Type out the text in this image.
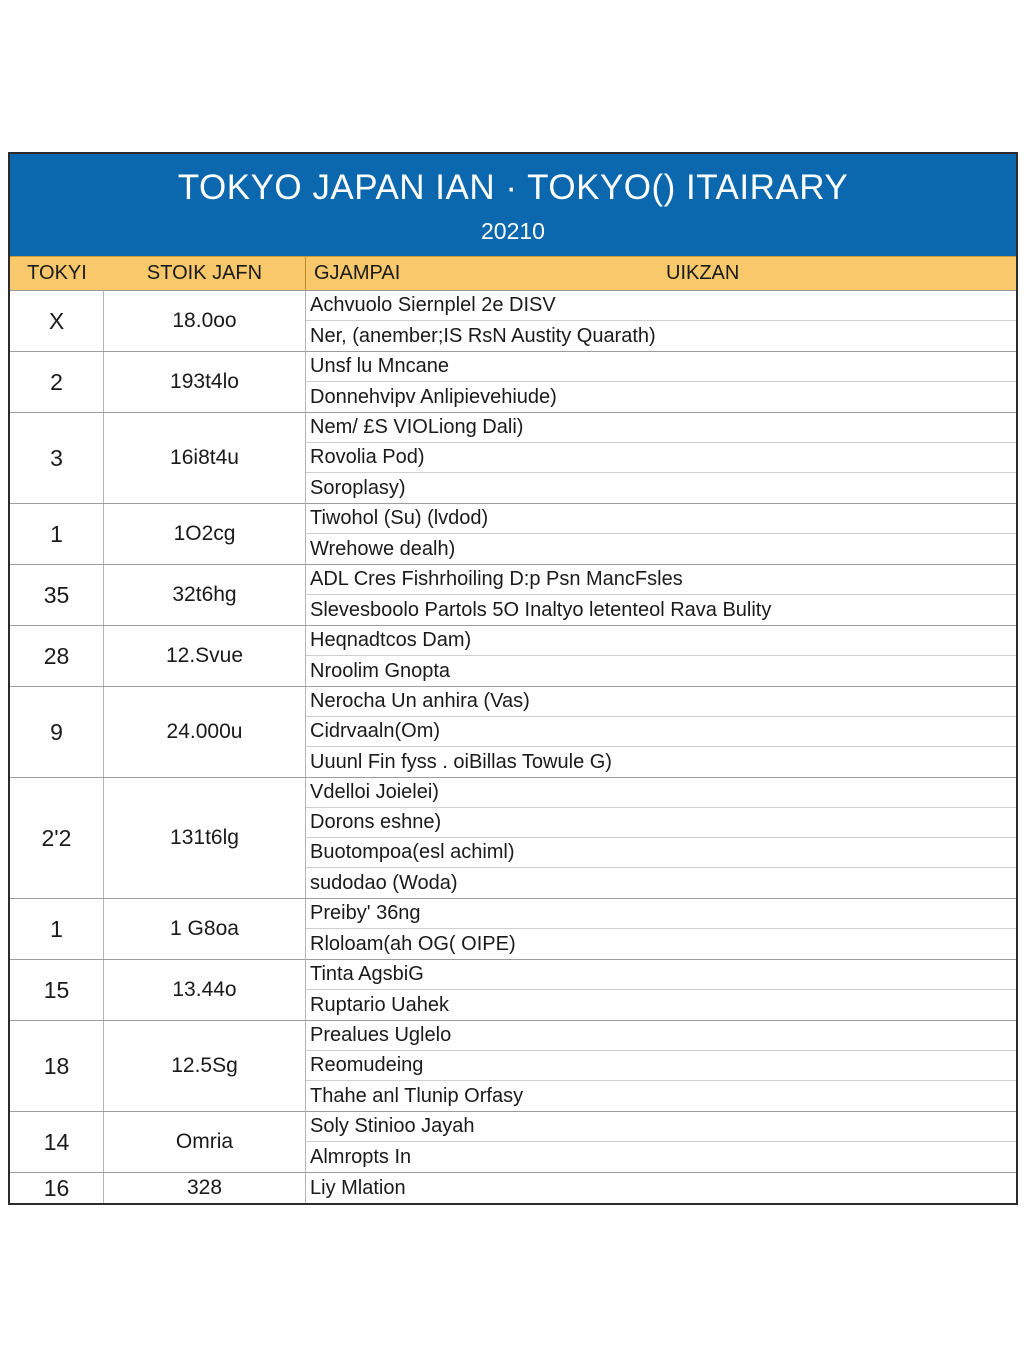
TOKYO JAPAN IAN · TOKYO() ITAIRARY
20210
TOKYI	STOIK JAFN	GJAMPAI	UIKZAN
X	18.0oo
Achvuolo Siernplel 2e DISV
Ner, (anember;IS RsN Austity Quarath)
2	193t4lo
Unsf lu Mncane
Donnehvipv Anlipievehiude)
3	16i8t4u
Nem/ £S VIOLiong Dali)
Rovolia Pod)
Soroplasy)
1	1O2cg
Tiwohol (Su) (lvdod)
Wrehowe dealh)
35	32t6hg
ADL Cres Fishrhoiling D:p Psn MancFsles
Slevesboolo Partols 5O Inaltyo letenteol Rava Bulity
28	12.Svue
Heqnadtcos Dam)
Nroolim Gnopta
9	24.000u
Nerocha Un anhira (Vas)
Cidrvaaln(Om)
Uuunl Fin fyss . oiBillas Towule G)
2'2	131t6lg
Vdelloi Joielei)
Dorons eshne)
Buotompoa(esl achiml)
sudodao (Woda)
1	1 G8oa
Preiby' 36ng
Rloloam(ah OG( OIPE)
15	13.44o
Tinta AgsbiG
Ruptario Uahek
18	12.5Sg
Prealues Uglelo
Reomudeing
Thahe anl Tlunip Orfasy
14	Omria
Soly Stinioo Jayah
Almropts In
16	328	Liy Mlation
